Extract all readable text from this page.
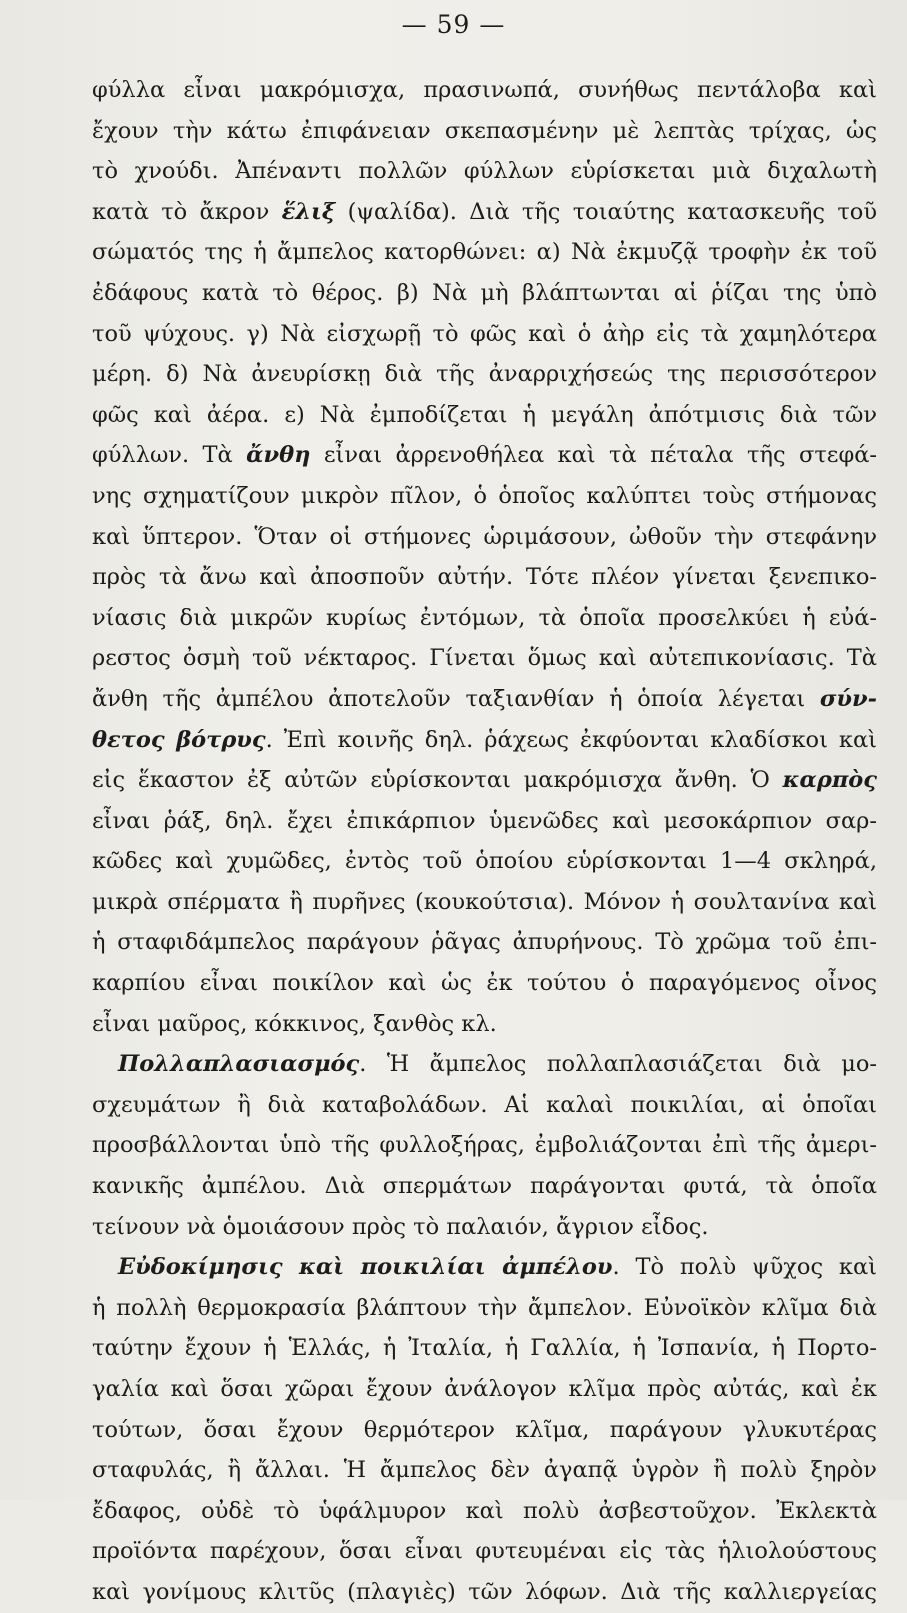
— 59 —
φύλλα εἶναι μακρόμισχα, πρασινωπά, συνήθως πεντάλοβα καὶ
ἔχουν τὴν κάτω ἐπιφάνειαν σκεπασμένην μὲ λεπτὰς τρίχας, ὡς
τὸ χνούδι. Ἀπέναντι πολλῶν φύλλων εὑρίσκεται μιὰ διχαλωτὴ
κατὰ τὸ ἄκρον ἕλιξ (ψαλίδα). Διὰ τῆς τοιαύτης κατασκευῆς τοῦ
σώματός της ἡ ἄμπελος κατορθώνει: α) Νὰ ἐκμυζᾷ τροφὴν ἐκ τοῦ
ἐδάφους κατὰ τὸ θέρος. β) Νὰ μὴ βλάπτωνται αἱ ῥίζαι της ὑπὸ
τοῦ ψύχους. γ) Νὰ εἰσχωρῇ τὸ φῶς καὶ ὁ ἀὴρ εἰς τὰ χαμηλότερα
μέρη. δ) Νὰ ἀνευρίσκῃ διὰ τῆς ἀναρριχήσεώς της περισσότερον
φῶς καὶ ἀέρα. ε) Νὰ ἐμποδίζεται ἡ μεγάλη ἀπότμισις διὰ τῶν
φύλλων. Τὰ ἄνθη εἶναι ἀρρενοθήλεα καὶ τὰ πέταλα τῆς στεφά-
νης σχηματίζουν μικρὸν πῖλον, ὁ ὁποῖος καλύπτει τοὺς στήμονας
καὶ ὕπτερον. Ὅταν οἱ στήμονες ὡριμάσουν, ὠθοῦν τὴν στεφάνην
πρὸς τὰ ἄνω καὶ ἀποσποῦν αὐτήν. Τότε πλέον γίνεται ξενεπικο-
νίασις διὰ μικρῶν κυρίως ἐντόμων, τὰ ὁποῖα προσελκύει ἡ εὐά-
ρεστος ὀσμὴ τοῦ νέκταρος. Γίνεται ὅμως καὶ αὐτεπικονίασις. Τὰ
ἄνθη τῆς ἀμπέλου ἀποτελοῦν ταξιανθίαν ἡ ὁποία λέγεται σύν-
θετος βότρυς. Ἐπὶ κοινῆς δηλ. ῥάχεως ἐκφύονται κλαδίσκοι καὶ
εἰς ἕκαστον ἐξ αὐτῶν εὑρίσκονται μακρόμισχα ἄνθη. Ὁ καρπὸς
εἶναι ῥάξ, δηλ. ἔχει ἐπικάρπιον ὑμενῶδες καὶ μεσοκάρπιον σαρ-
κῶδες καὶ χυμῶδες, ἐντὸς τοῦ ὁποίου εὑρίσκονται 1—4 σκληρά,
μικρὰ σπέρματα ἢ πυρῆνες (κουκούτσια). Μόνον ἡ σουλτανίνα καὶ
ἡ σταφιδάμπελος παράγουν ῥᾶγας ἀπυρήνους. Τὸ χρῶμα τοῦ ἐπι-
καρπίου εἶναι ποικίλον καὶ ὡς ἐκ τούτου ὁ παραγόμενος οἶνος
εἶναι μαῦρος, κόκκινος, ξανθὸς κλ.
Πολλαπλασιασμός. Ἡ ἄμπελος πολλαπλασιάζεται διὰ μο-
σχευμάτων ἢ διὰ καταβολάδων. Αἱ καλαὶ ποικιλίαι, αἱ ὁποῖαι
προσβάλλονται ὑπὸ τῆς φυλλοξήρας, ἐμβολιάζονται ἐπὶ τῆς ἀμερι-
κανικῆς ἀμπέλου. Διὰ σπερμάτων παράγονται φυτά, τὰ ὁποῖα
τείνουν νὰ ὁμοιάσουν πρὸς τὸ παλαιόν, ἄγριον εἶδος.
Εὐδοκίμησις καὶ ποικιλίαι ἀμπέλου. Τὸ πολὺ ψῦχος καὶ
ἡ πολλὴ θερμοκρασία βλάπτουν τὴν ἄμπελον. Εὐνοϊκὸν κλῖμα διὰ
ταύτην ἔχουν ἡ Ἑλλάς, ἡ Ἰταλία, ἡ Γαλλία, ἡ Ἰσπανία, ἡ Πορτο-
γαλία καὶ ὅσαι χῶραι ἔχουν ἀνάλογον κλῖμα πρὸς αὐτάς, καὶ ἐκ
τούτων, ὅσαι ἔχουν θερμότερον κλῖμα, παράγουν γλυκυτέρας
σταφυλάς, ἢ ἄλλαι. Ἡ ἄμπελος δὲν ἀγαπᾷ ὑγρὸν ἢ πολὺ ξηρὸν
ἔδαφος, οὐδὲ τὸ ὑφάλμυρον καὶ πολὺ ἀσβεστοῦχον. Ἐκλεκτὰ
προϊόντα παρέχουν, ὅσαι εἶναι φυτευμέναι εἰς τὰς ἡλιολούστους
καὶ γονίμους κλιτῦς (πλαγιὲς) τῶν λόφων. Διὰ τῆς καλλιεργείας
